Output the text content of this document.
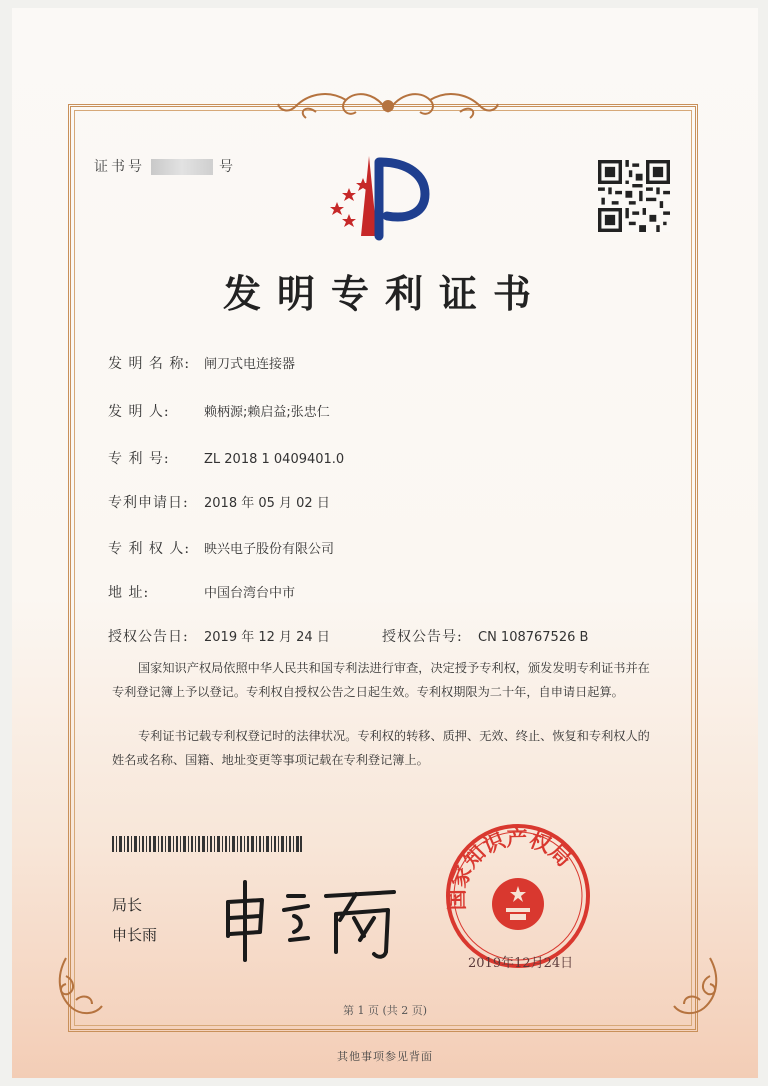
证书号	号
发明专利证书
发 明 名 称: 闸刀式电连接器
发 明 人:	赖柄源;赖启益;张忠仁
专 利 号:	ZL 2018 1 0409401.0
专利申请日: 2018 年 05 月 02 日
专 利 权 人: 映兴电子股份有限公司
地 址:	中国台湾台中市
授权公告日: 2019 年 12 月 24 日	授权公告号: CN 108767526 B
国家知识产权局依照中华人民共和国专利法进行审查，决定授予专利权，颁发发明专利证书并在专利登记簿上予以登记。专利权自授权公告之日起生效。专利权期限为二十年，自申请日起算。
专利证书记载专利权登记时的法律状况。专利权的转移、质押、无效、终止、恢复和专利权人的姓名或名称、国籍、地址变更等事项记载在专利登记簿上。
局长
申长雨
国家知识产权局
2019年12月24日
第 1 页 (共 2 页)
其他事项参见背面
